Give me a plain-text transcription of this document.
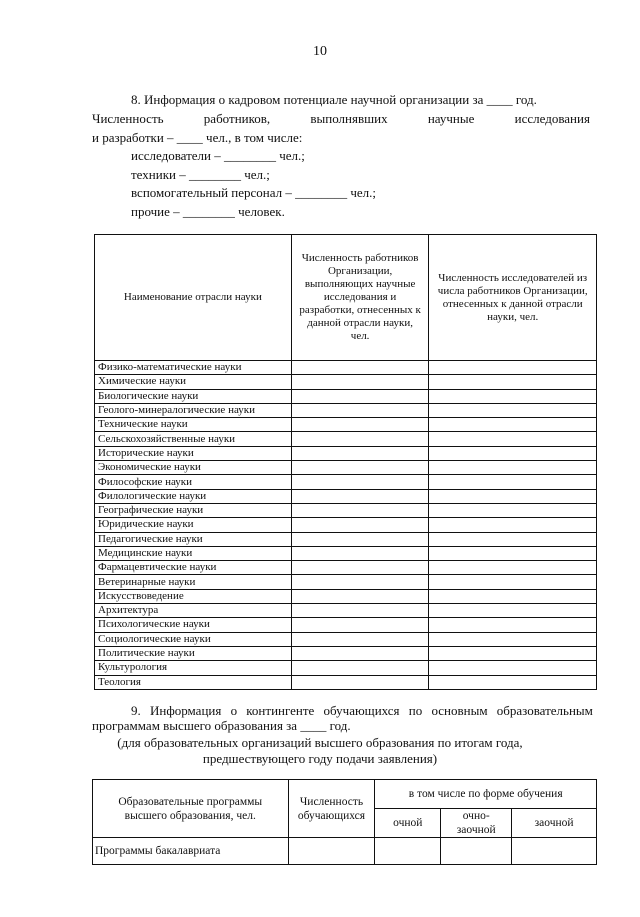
10
8. Информация о кадровом потенциале научной организации за ____ год.
Численность	работников,	выполнявших	научные	исследования
и разработки – ____ чел., в том числе:
исследователи – ________ чел.;
техники – ________ чел.;
вспомогательный персонал – ________ чел.;
прочие – ________ человек.
Наименование отрасли науки	Численность работников Организации, выполняющих научные исследования и разработки, отнесенных к данной отрасли науки, чел.	Численность исследователей из числа работников Организации, отнесенных к данной отрасли науки, чел.
Физико-математические науки		
Химические науки		
Биологические науки		
Геолого-минералогические науки		
Технические науки		
Сельскохозяйственные науки		
Исторические науки		
Экономические науки		
Философские науки		
Филологические науки		
Географические науки		
Юридические науки		
Педагогические науки		
Медицинские науки		
Фармацевтические науки		
Ветеринарные науки		
Искусствоведение		
Архитектура		
Психологические науки		
Социологические науки		
Политические науки		
Культурология		
Теология		
9. Информация о контингенте обучающихся по основным образовательным
программам высшего образования за ____ год.
(для образовательных организаций высшего образования по итогам года,
предшествующего году подачи заявления)
Образовательные программы высшего образования, чел.	Численность обучающихся	в том числе по форме обучения		
		очной	очно-заочной	заочной
Программы бакалавриата				
